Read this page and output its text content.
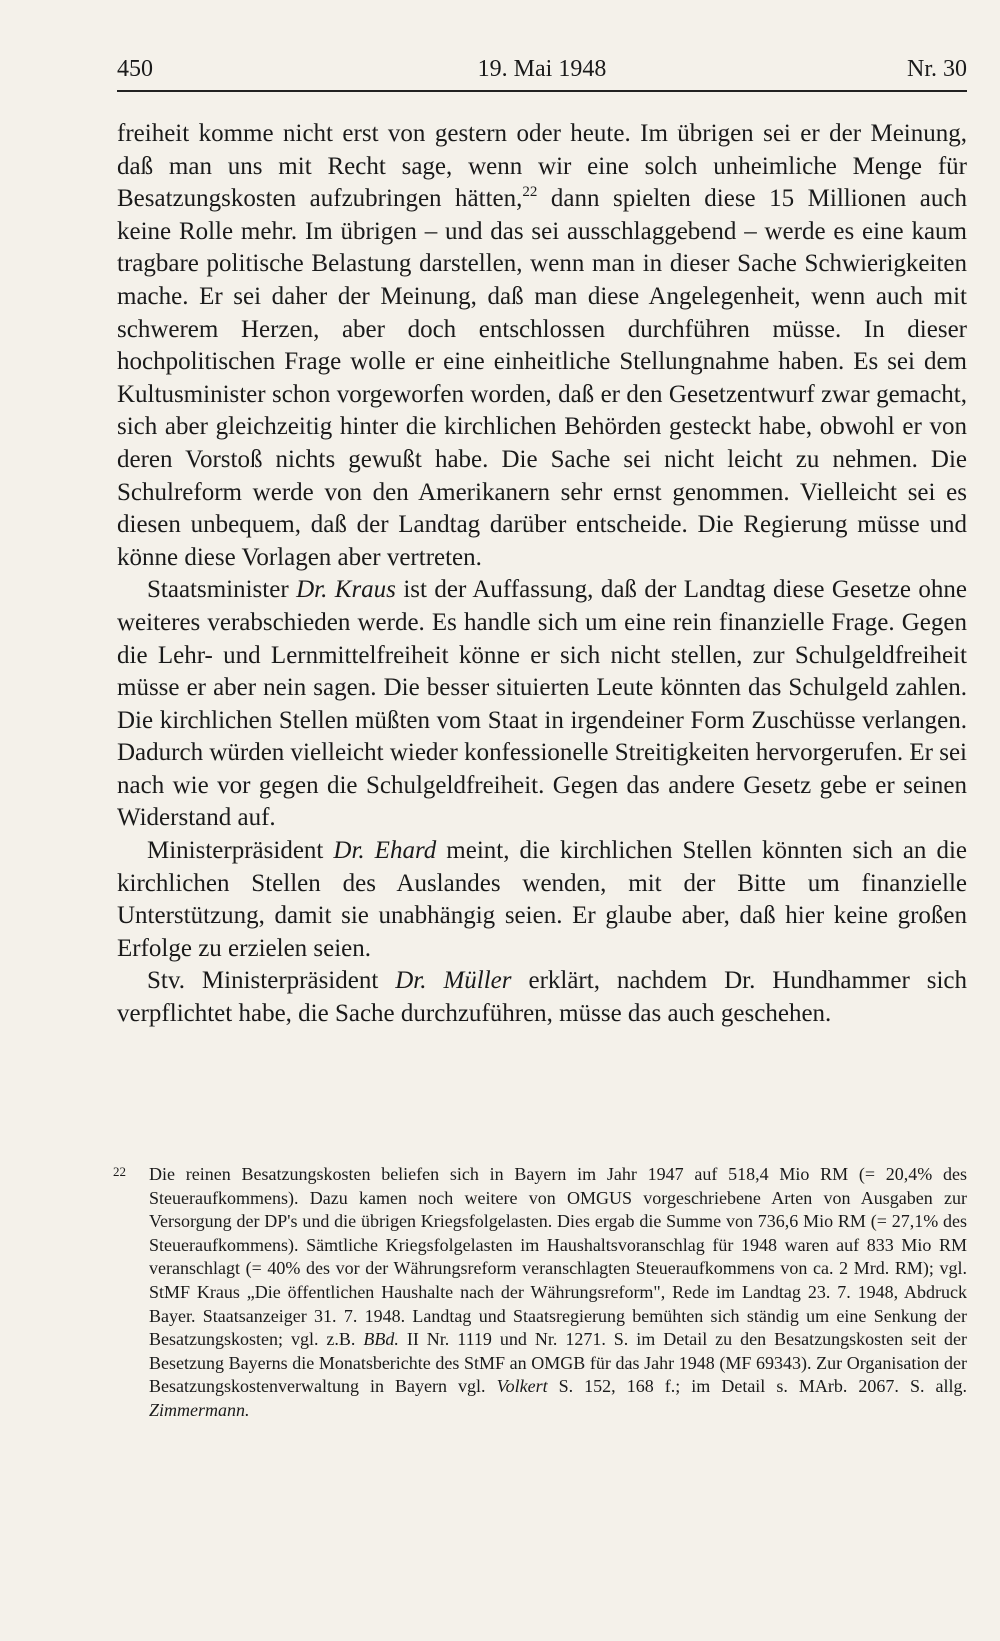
450	19. Mai 1948	Nr. 30

freiheit komme nicht erst von gestern oder heute. Im übrigen sei er der Meinung, daß man uns mit Recht sage, wenn wir eine solch unheimliche Menge für Besatzungskosten aufzubringen hätten,$^{22}$ dann spielten diese 15 Millionen auch keine Rolle mehr. Im übrigen – und das sei ausschlaggebend – werde es eine kaum tragbare politische Belastung darstellen, wenn man in dieser Sache Schwierigkeiten mache. Er sei daher der Meinung, daß man diese Angelegenheit, wenn auch mit schwerem Herzen, aber doch entschlossen durchführen müsse. In dieser hochpolitischen Frage wolle er eine einheitliche Stellungnahme haben. Es sei dem Kultusminister schon vorgeworfen worden, daß er den Gesetzentwurf zwar gemacht, sich aber gleichzeitig hinter die kirchlichen Behörden gesteckt habe, obwohl er von deren Vorstoß nichts gewußt habe. Die Sache sei nicht leicht zu nehmen. Die Schulreform werde von den Amerikanern sehr ernst genommen. Vielleicht sei es diesen unbequem, daß der Landtag darüber entscheide. Die Regierung müsse und könne diese Vorlagen aber vertreten.

Staatsminister Dr. Kraus ist der Auffassung, daß der Landtag diese Gesetze ohne weiteres verabschieden werde. Es handle sich um eine rein finanzielle Frage. Gegen die Lehr- und Lernmittelfreiheit könne er sich nicht stellen, zur Schulgeldfreiheit müsse er aber nein sagen. Die besser situierten Leute könnten das Schulgeld zahlen. Die kirchlichen Stellen müßten vom Staat in irgendeiner Form Zuschüsse verlangen. Dadurch würden vielleicht wieder konfessionelle Streitigkeiten hervorgerufen. Er sei nach wie vor gegen die Schulgeldfreiheit. Gegen das andere Gesetz gebe er seinen Widerstand auf.

Ministerpräsident Dr. Ehard meint, die kirchlichen Stellen könnten sich an die kirchlichen Stellen des Auslandes wenden, mit der Bitte um finanzielle Unterstützung, damit sie unabhängig seien. Er glaube aber, daß hier keine großen Erfolge zu erzielen seien.

Stv. Ministerpräsident Dr. Müller erklärt, nachdem Dr. Hundhammer sich verpflichtet habe, die Sache durchzuführen, müsse das auch geschehen.

22 Die reinen Besatzungskosten beliefen sich in Bayern im Jahr 1947 auf 518,4 Mio RM (= 20,4% des Steueraufkommens). Dazu kamen noch weitere von OMGUS vorgeschriebene Arten von Ausgaben zur Versorgung der DP's und die übrigen Kriegsfolgelasten. Dies ergab die Summe von 736,6 Mio RM (= 27,1% des Steueraufkommens). Sämtliche Kriegsfolgelasten im Haushaltsvoranschlag für 1948 waren auf 833 Mio RM veranschlagt (= 40% des vor der Währungsreform veranschlagten Steueraufkommens von ca. 2 Mrd. RM); vgl. StMF Kraus „Die öffentlichen Haushalte nach der Währungsreform", Rede im Landtag 23. 7. 1948, Abdruck Bayer. Staatsanzeiger 31. 7. 1948. Landtag und Staatsregierung bemühten sich ständig um eine Senkung der Besatzungskosten; vgl. z.B. BBd. II Nr. 1119 und Nr. 1271. S. im Detail zu den Besatzungskosten seit der Besetzung Bayerns die Monatsberichte des StMF an OMGB für das Jahr 1948 (MF 69343). Zur Organisation der Besatzungskostenverwaltung in Bayern vgl. Volkert S. 152, 168 f.; im Detail s. MArb. 2067. S. allg. Zimmermann.
